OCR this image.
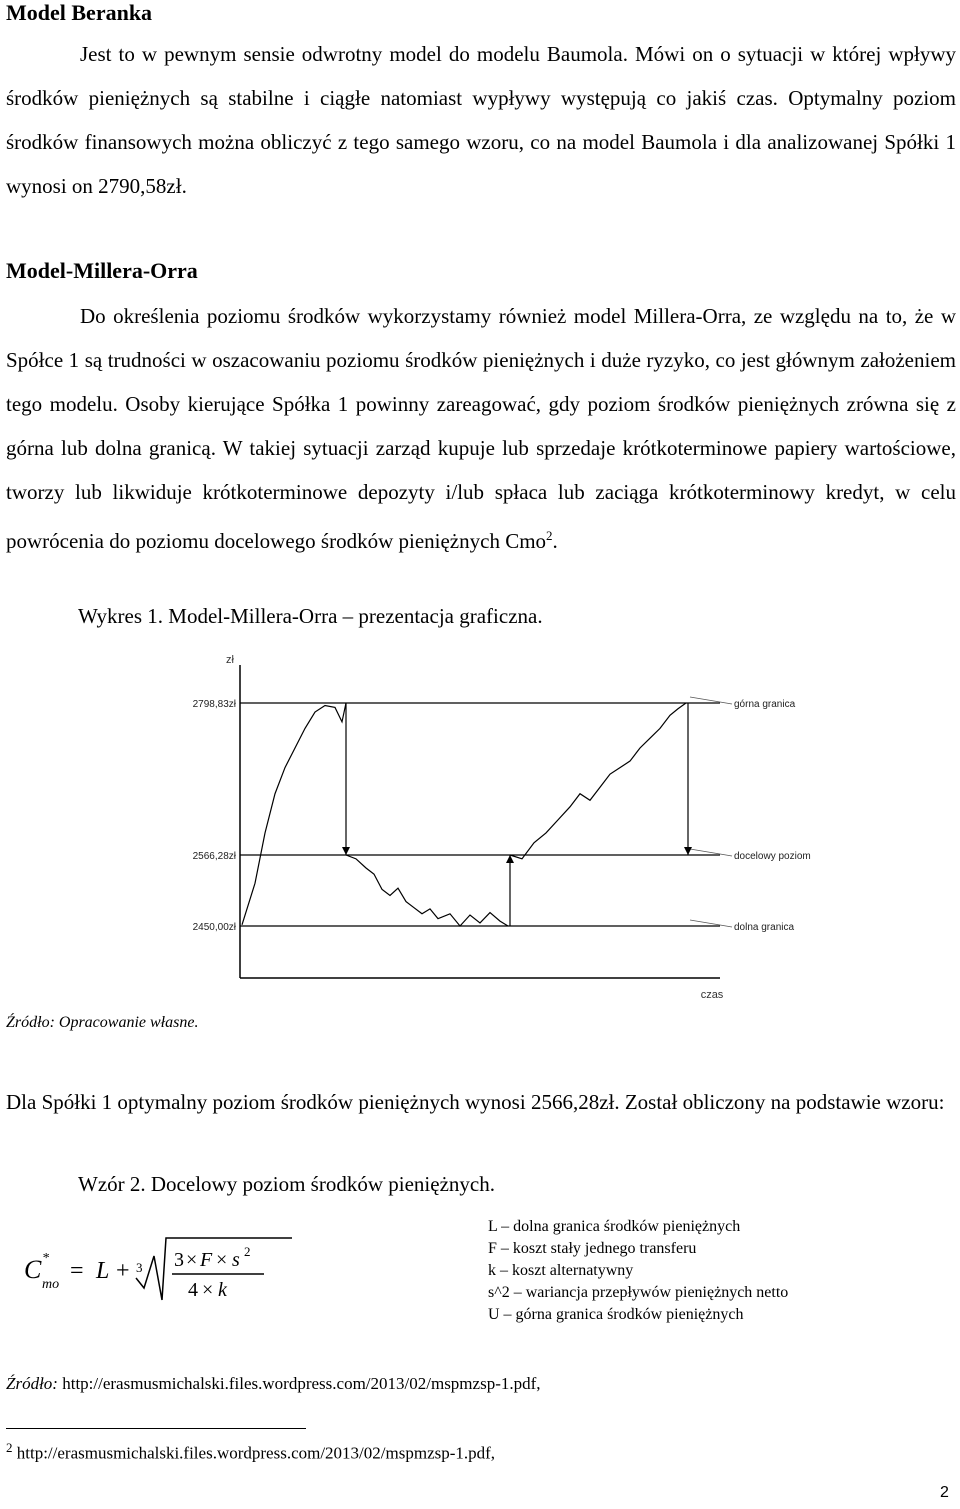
Model Beranka
Jest to w pewnym sensie odwrotny model do modelu Baumola. Mówi on o sytuacji w której wpływy środków pieniężnych są stabilne i ciągłe natomiast wypływy występują co jakiś czas. Optymalny poziom środków finansowych można obliczyć z tego samego wzoru, co na model Baumola i dla analizowanej Spółki 1 wynosi on 2790,58zł.
Model-Millera-Orra
Do określenia poziomu środków wykorzystamy również model Millera-Orra, ze względu na to, że w Spółce 1 są trudności w oszacowaniu poziomu środków pieniężnych i duże ryzyko, co jest głównym założeniem tego modelu. Osoby kierujące Spółka 1 powinny zareagować, gdy poziom środków pieniężnych zrówna się z górna lub dolna granicą. W takiej sytuacji zarząd kupuje lub sprzedaje krótkoterminowe papiery wartościowe, tworzy lub likwiduje krótkoterminowe depozyty i/lub spłaca lub zaciąga krótkoterminowy kredyt, w celu powrócenia do poziomu docelowego środków pieniężnych Cmo$^2$.
Wykres 1. Model-Millera-Orra – prezentacja graficzna.
zł
czas
2798,83zł	górna granica
2566,28zł	docelowy poziom
2450,00zł	dolna granica
Źródło: Opracowanie własne.
Dla Spółki 1 optymalny poziom środków pieniężnych wynosi 2566,28zł. Został obliczony na podstawie wzoru:
Wzór 2. Docelowy poziom środków pieniężnych.
C *
mo
= L + 3 3 × F × s 2
4 × k
L – dolna granica środków pieniężnych
F – koszt stały jednego transferu
k – koszt alternatywny
s^2 – wariancja przepływów pieniężnych netto
U – górna granica środków pieniężnych
Źródło: http://erasmusmichalski.files.wordpress.com/2013/02/mspmzsp-1.pdf,
$^2$ http://erasmusmichalski.files.wordpress.com/2013/02/mspmzsp-1.pdf,
2
